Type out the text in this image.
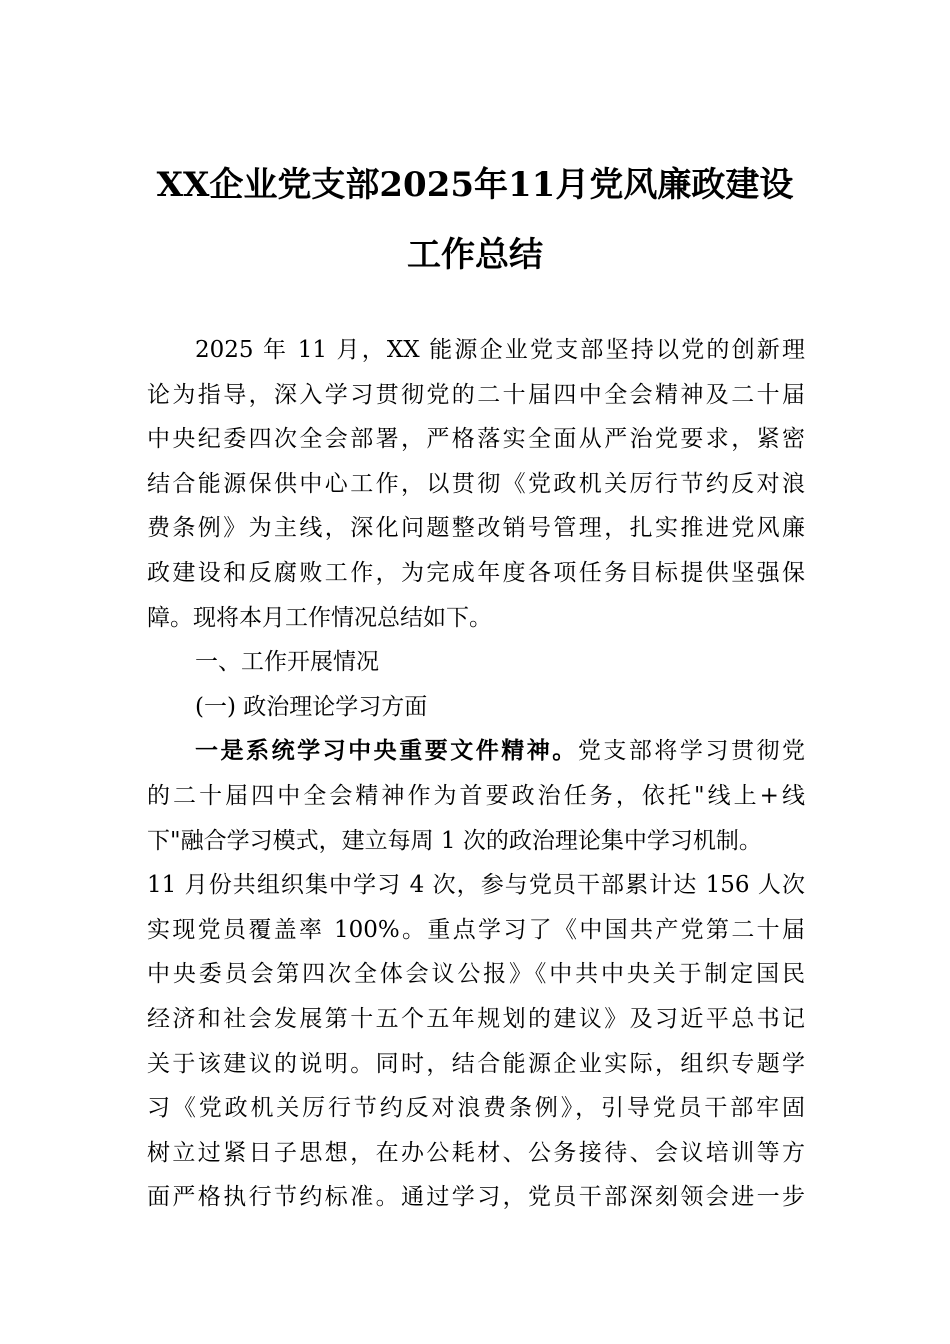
XX企业党支部2025年11月党风廉政建设
工作总结
2025 年 11 月，XX 能源企业党支部坚持以党的创新理
论为指导，深入学习贯彻党的二十届四中全会精神及二十届
中央纪委四次全会部署，严格落实全面从严治党要求，紧密
结合能源保供中心工作，以贯彻《党政机关厉行节约反对浪
费条例》为主线，深化问题整改销号管理，扎实推进党风廉
政建设和反腐败工作，为完成年度各项任务目标提供坚强保
障。现将本月工作情况总结如下。
一、工作开展情况
(一) 政治理论学习方面
一是系统学习中央重要文件精神。党支部将学习贯彻党
的二十届四中全会精神作为首要政治任务，依托"线上+线
下"融合学习模式，建立每周 1 次的政治理论集中学习机制。
11 月份共组织集中学习 4 次，参与党员干部累计达 156 人次
实现党员覆盖率 100%。重点学习了《中国共产党第二十届
中央委员会第四次全体会议公报》《中共中央关于制定国民
经济和社会发展第十五个五年规划的建议》及习近平总书记
关于该建议的说明。同时，结合能源企业实际，组织专题学
习《党政机关厉行节约反对浪费条例》，引导党员干部牢固
树立过紧日子思想，在办公耗材、公务接待、会议培训等方
面严格执行节约标准。通过学习，党员干部深刻领会进一步
